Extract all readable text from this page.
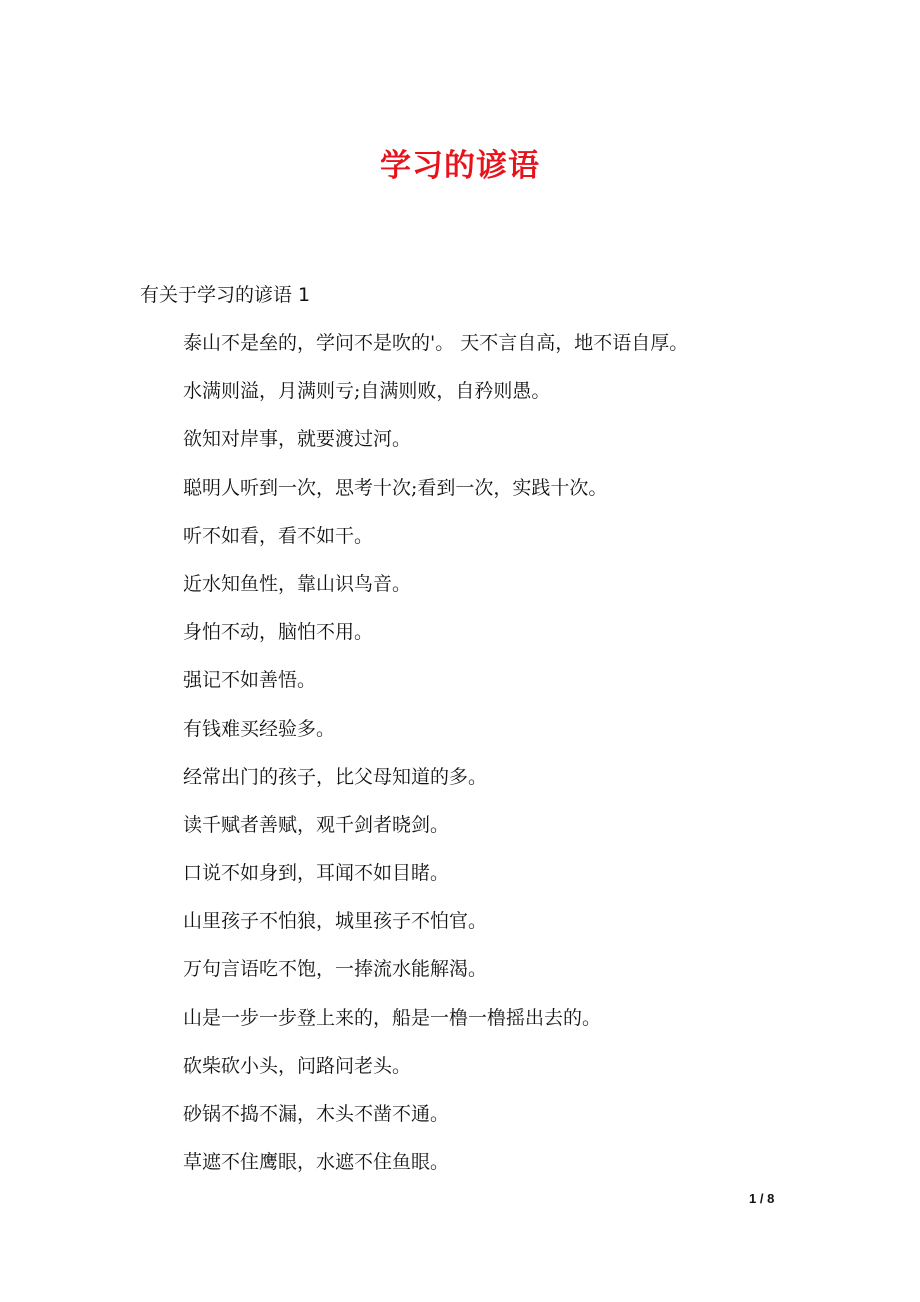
学习的谚语
有关于学习的谚语 1
泰山不是垒的，学问不是吹的'。 天不言自高，地不语自厚。
水满则溢，月满则亏;自满则败，自矜则愚。
欲知对岸事，就要渡过河。
聪明人听到一次，思考十次;看到一次，实践十次。
听不如看，看不如干。
近水知鱼性，靠山识鸟音。
身怕不动，脑怕不用。
强记不如善悟。
有钱难买经验多。
经常出门的孩子，比父母知道的多。
读千赋者善赋，观千剑者晓剑。
口说不如身到，耳闻不如目睹。
山里孩子不怕狼，城里孩子不怕官。
万句言语吃不饱，一捧流水能解渴。
山是一步一步登上来的，船是一橹一橹摇出去的。
砍柴砍小头，问路问老头。
砂锅不捣不漏，木头不凿不通。
草遮不住鹰眼，水遮不住鱼眼。
1 / 8
